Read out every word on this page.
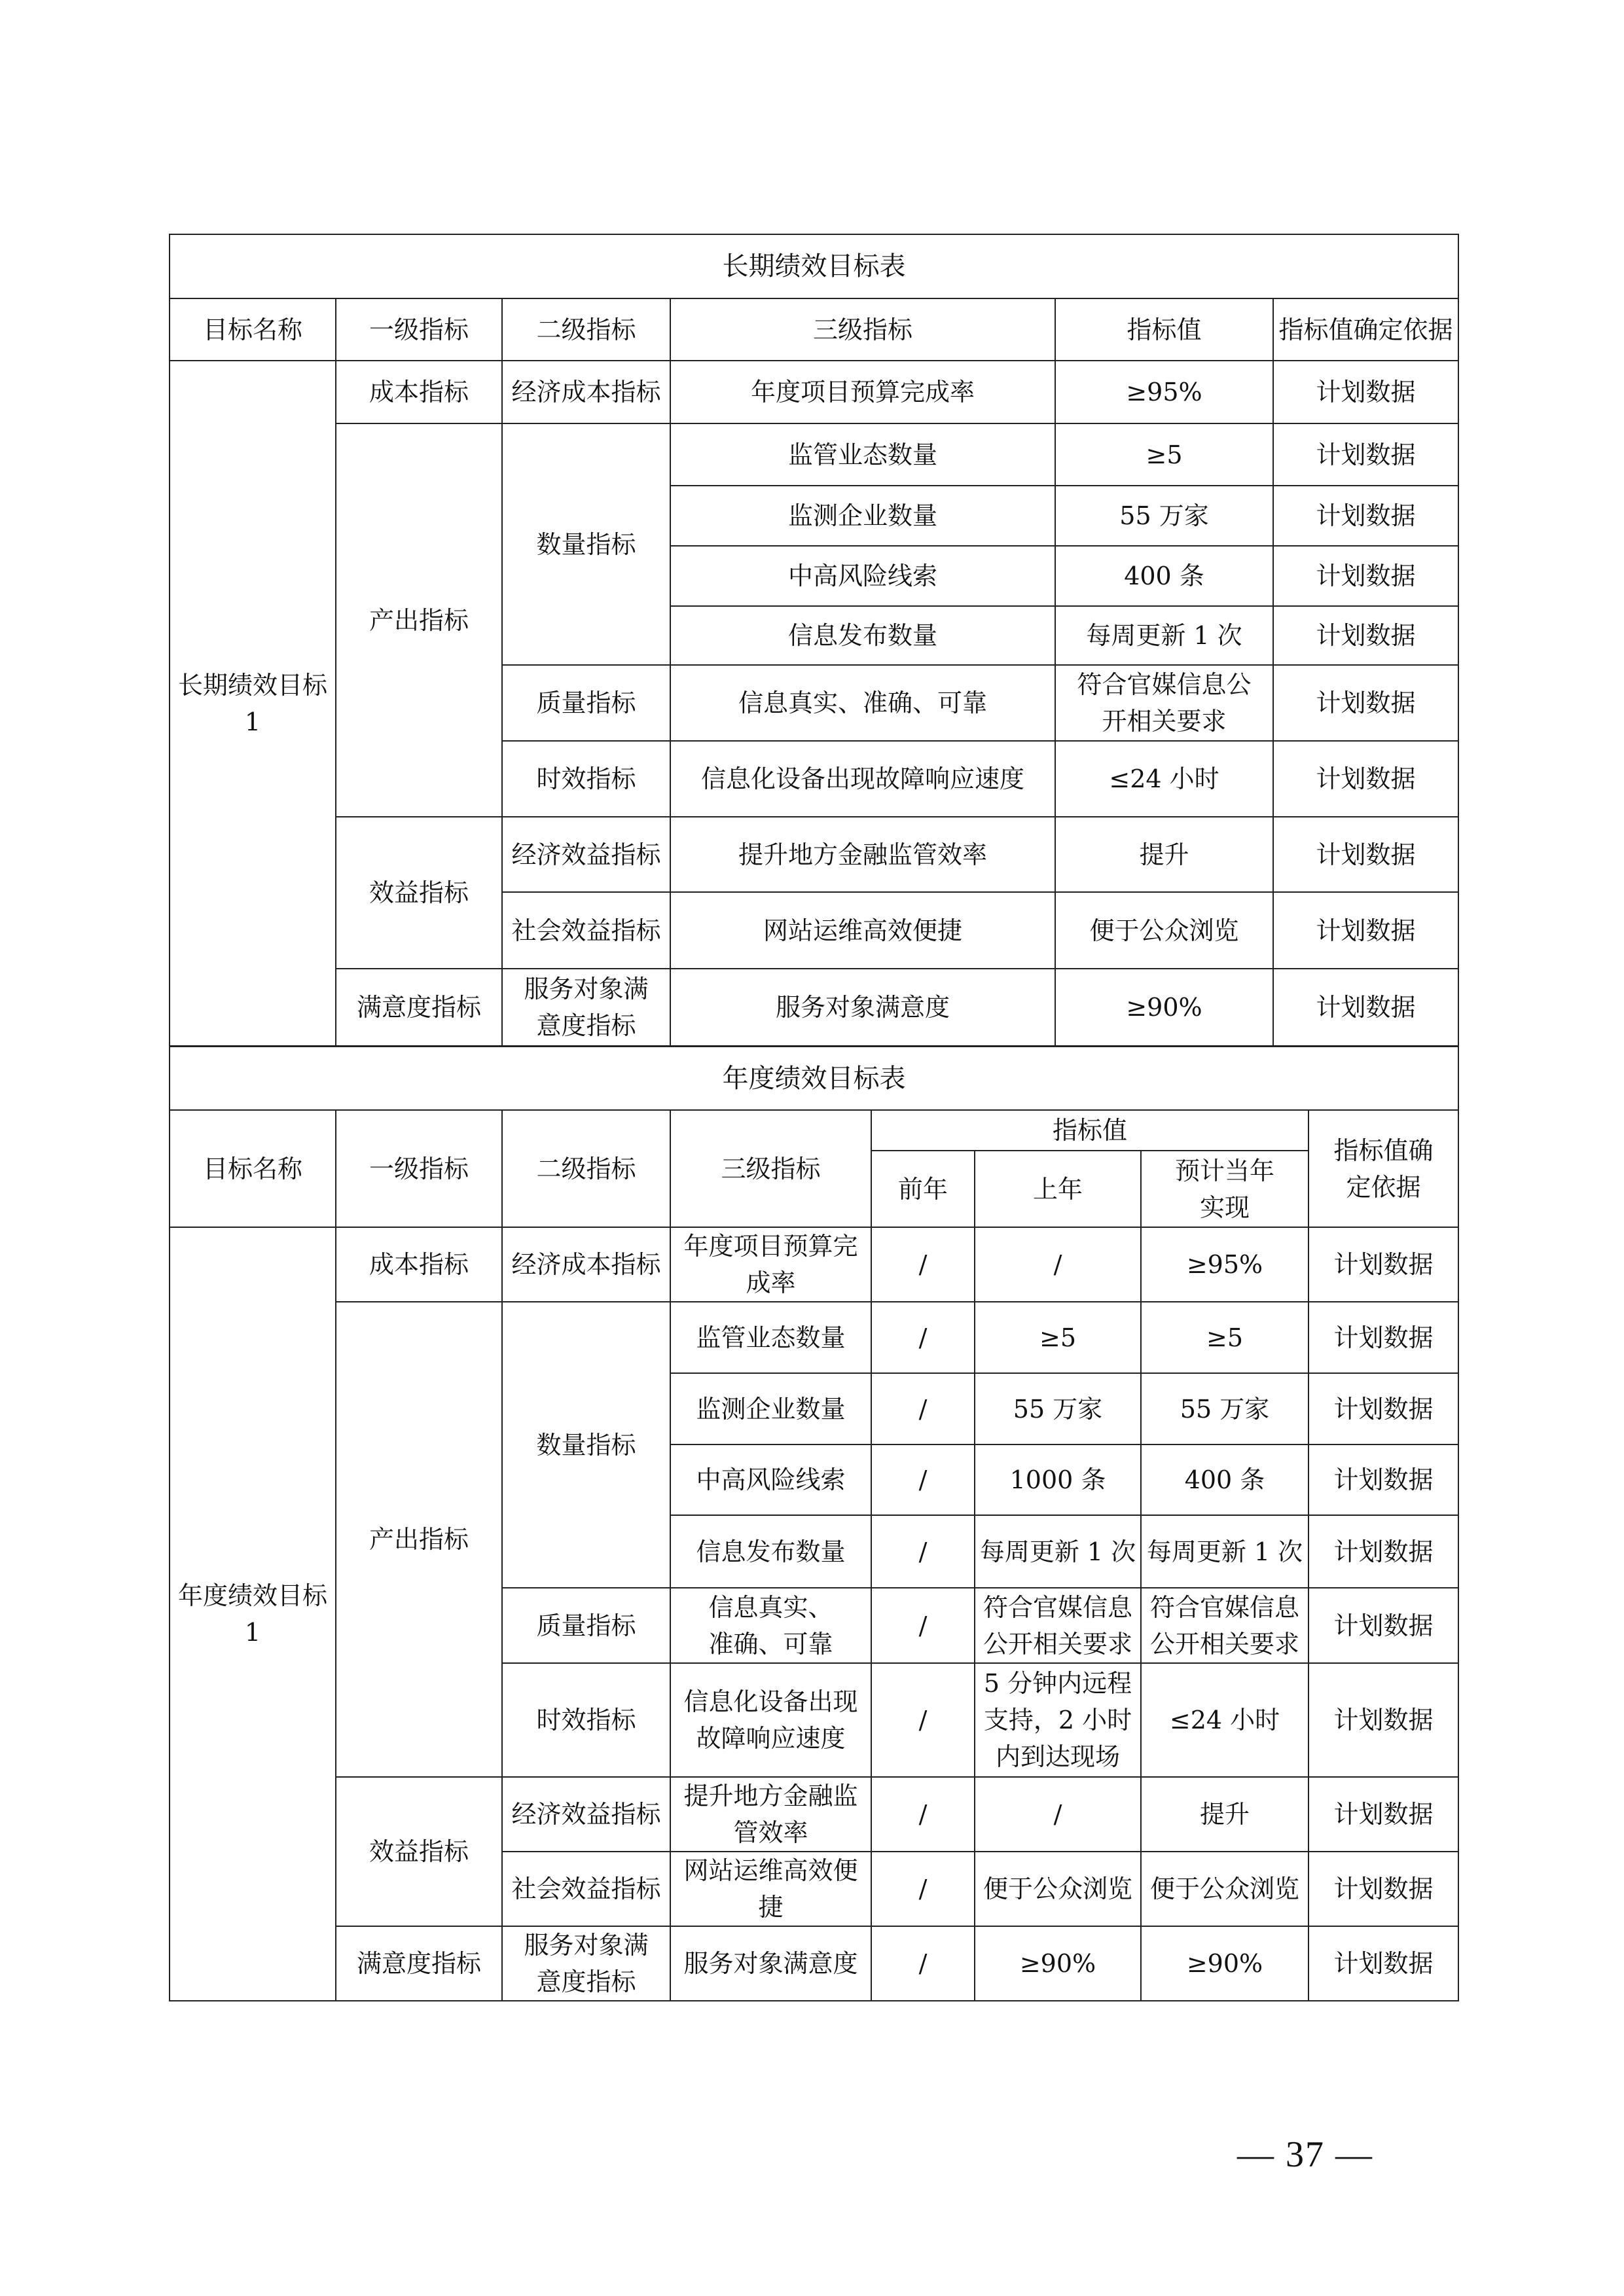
长期绩效目标表					
目标名称	一级指标	二级指标	三级指标	指标值	指标值确定依据
长期绩效目标1	成本指标	经济成本指标	年度项目预算完成率	≥95%	计划数据
	产出指标	数量指标	监管业态数量	≥5	计划数据
			监测企业数量	55 万家	计划数据
			中高风险线索	400 条	计划数据
			信息发布数量	每周更新 1 次	计划数据
		质量指标	信息真实、准确、可靠	符合官媒信息公开相关要求	计划数据
		时效指标	信息化设备出现故障响应速度	≤24 小时	计划数据
	效益指标	经济效益指标	提升地方金融监管效率	提升	计划数据
		社会效益指标	网站运维高效便捷	便于公众浏览	计划数据
	满意度指标	服务对象满意度指标	服务对象满意度	≥90%	计划数据
年度绩效目标表							
目标名称	一级指标	二级指标	三级指标	指标值			指标值确定依据
				前年	上年	预计当年实现	
年度绩效目标1	成本指标	经济成本指标	年度项目预算完成率	/	/	≥95%	计划数据
	产出指标	数量指标	监管业态数量	/	≥5	≥5	计划数据
			监测企业数量	/	55 万家	55 万家	计划数据
			中高风险线索	/	1000 条	400 条	计划数据
			信息发布数量	/	每周更新 1 次	每周更新 1 次	计划数据
		质量指标	信息真实、准确、可靠	/	符合官媒信息公开相关要求	符合官媒信息公开相关要求	计划数据
		时效指标	信息化设备出现故障响应速度	/	5 分钟内远程支持，2 小时内到达现场	≤24 小时	计划数据
	效益指标	经济效益指标	提升地方金融监管效率	/	/	提升	计划数据
		社会效益指标	网站运维高效便捷	/	便于公众浏览	便于公众浏览	计划数据
	满意度指标	服务对象满意度指标	服务对象满意度	/	≥90%	≥90%	计划数据
— 37 —
